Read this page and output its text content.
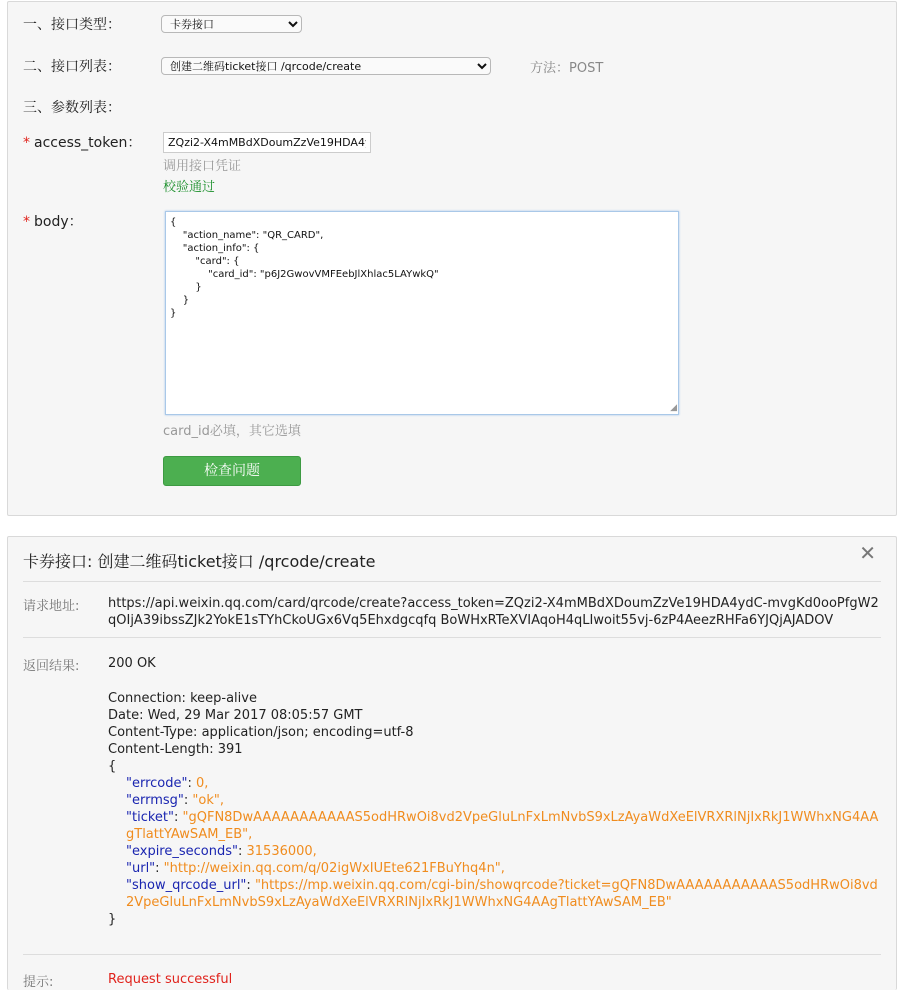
一、接口类型：
卡券接口
二、接口列表：
创建二维码ticket接口 /qrcode/create	方法：POST
三、参数列表：
* access_token：
ZQzi2-X4mMBdXDoumZzVe19HDA4ydC
调用接口凭证
校验通过
* body：	{
"action_name": "QR_CARD",
"action_info": {
"card": {
"card_id": "p6J2GwovVMFEebJlXhlac5LAYwkQ"
}
}
}
◢
card_id必填，其它选填
检查问题
卡券接口: 创建二维码ticket接口 /qrcode/create	✕
请求地址: https://api.weixin.qq.com/card/qrcode/create?access_token=ZQzi2-X4mMBdXDoumZzVe19HDA4ydC-mvgKd0ooPfgW2qOIjA39ibssZJk2YokE1sTYhCkoUGx6Vq5Ehxdgcqfq BoWHxRTeXVIAqoH4qLIwoit55vj-6zP4AeezRHFa6YJQjAJADOV
返回结果: 200 OK
Connection: keep-alive
Date: Wed, 29 Mar 2017 08:05:57 GMT
Content-Type: application/json; encoding=utf-8
Content-Length: 391
{
"errcode": 0,
"errmsg": "ok",
"ticket": "gQFN8DwAAAAAAAAAAAS5odHRwOi8vd2VpeGluLnFxLmNvbS9xLzAyaWdXeElVRXRlNjIxRkJ1WWhxNG4AAgTlattYAwSAM_EB",
"expire_seconds": 31536000,
"url": "http://weixin.qq.com/q/02igWxIUEte621FBuYhq4n",
"show_qrcode_url": "https://mp.weixin.qq.com/cgi-bin/showqrcode?ticket=gQFN8DwAAAAAAAAAAAS5odHRwOi8vd2VpeGluLnFxLmNvbS9xLzAyaWdXeElVRXRlNjIxRkJ1WWhxNG4AAgTlattYAwSAM_EB"
}
提示:	Request successful
